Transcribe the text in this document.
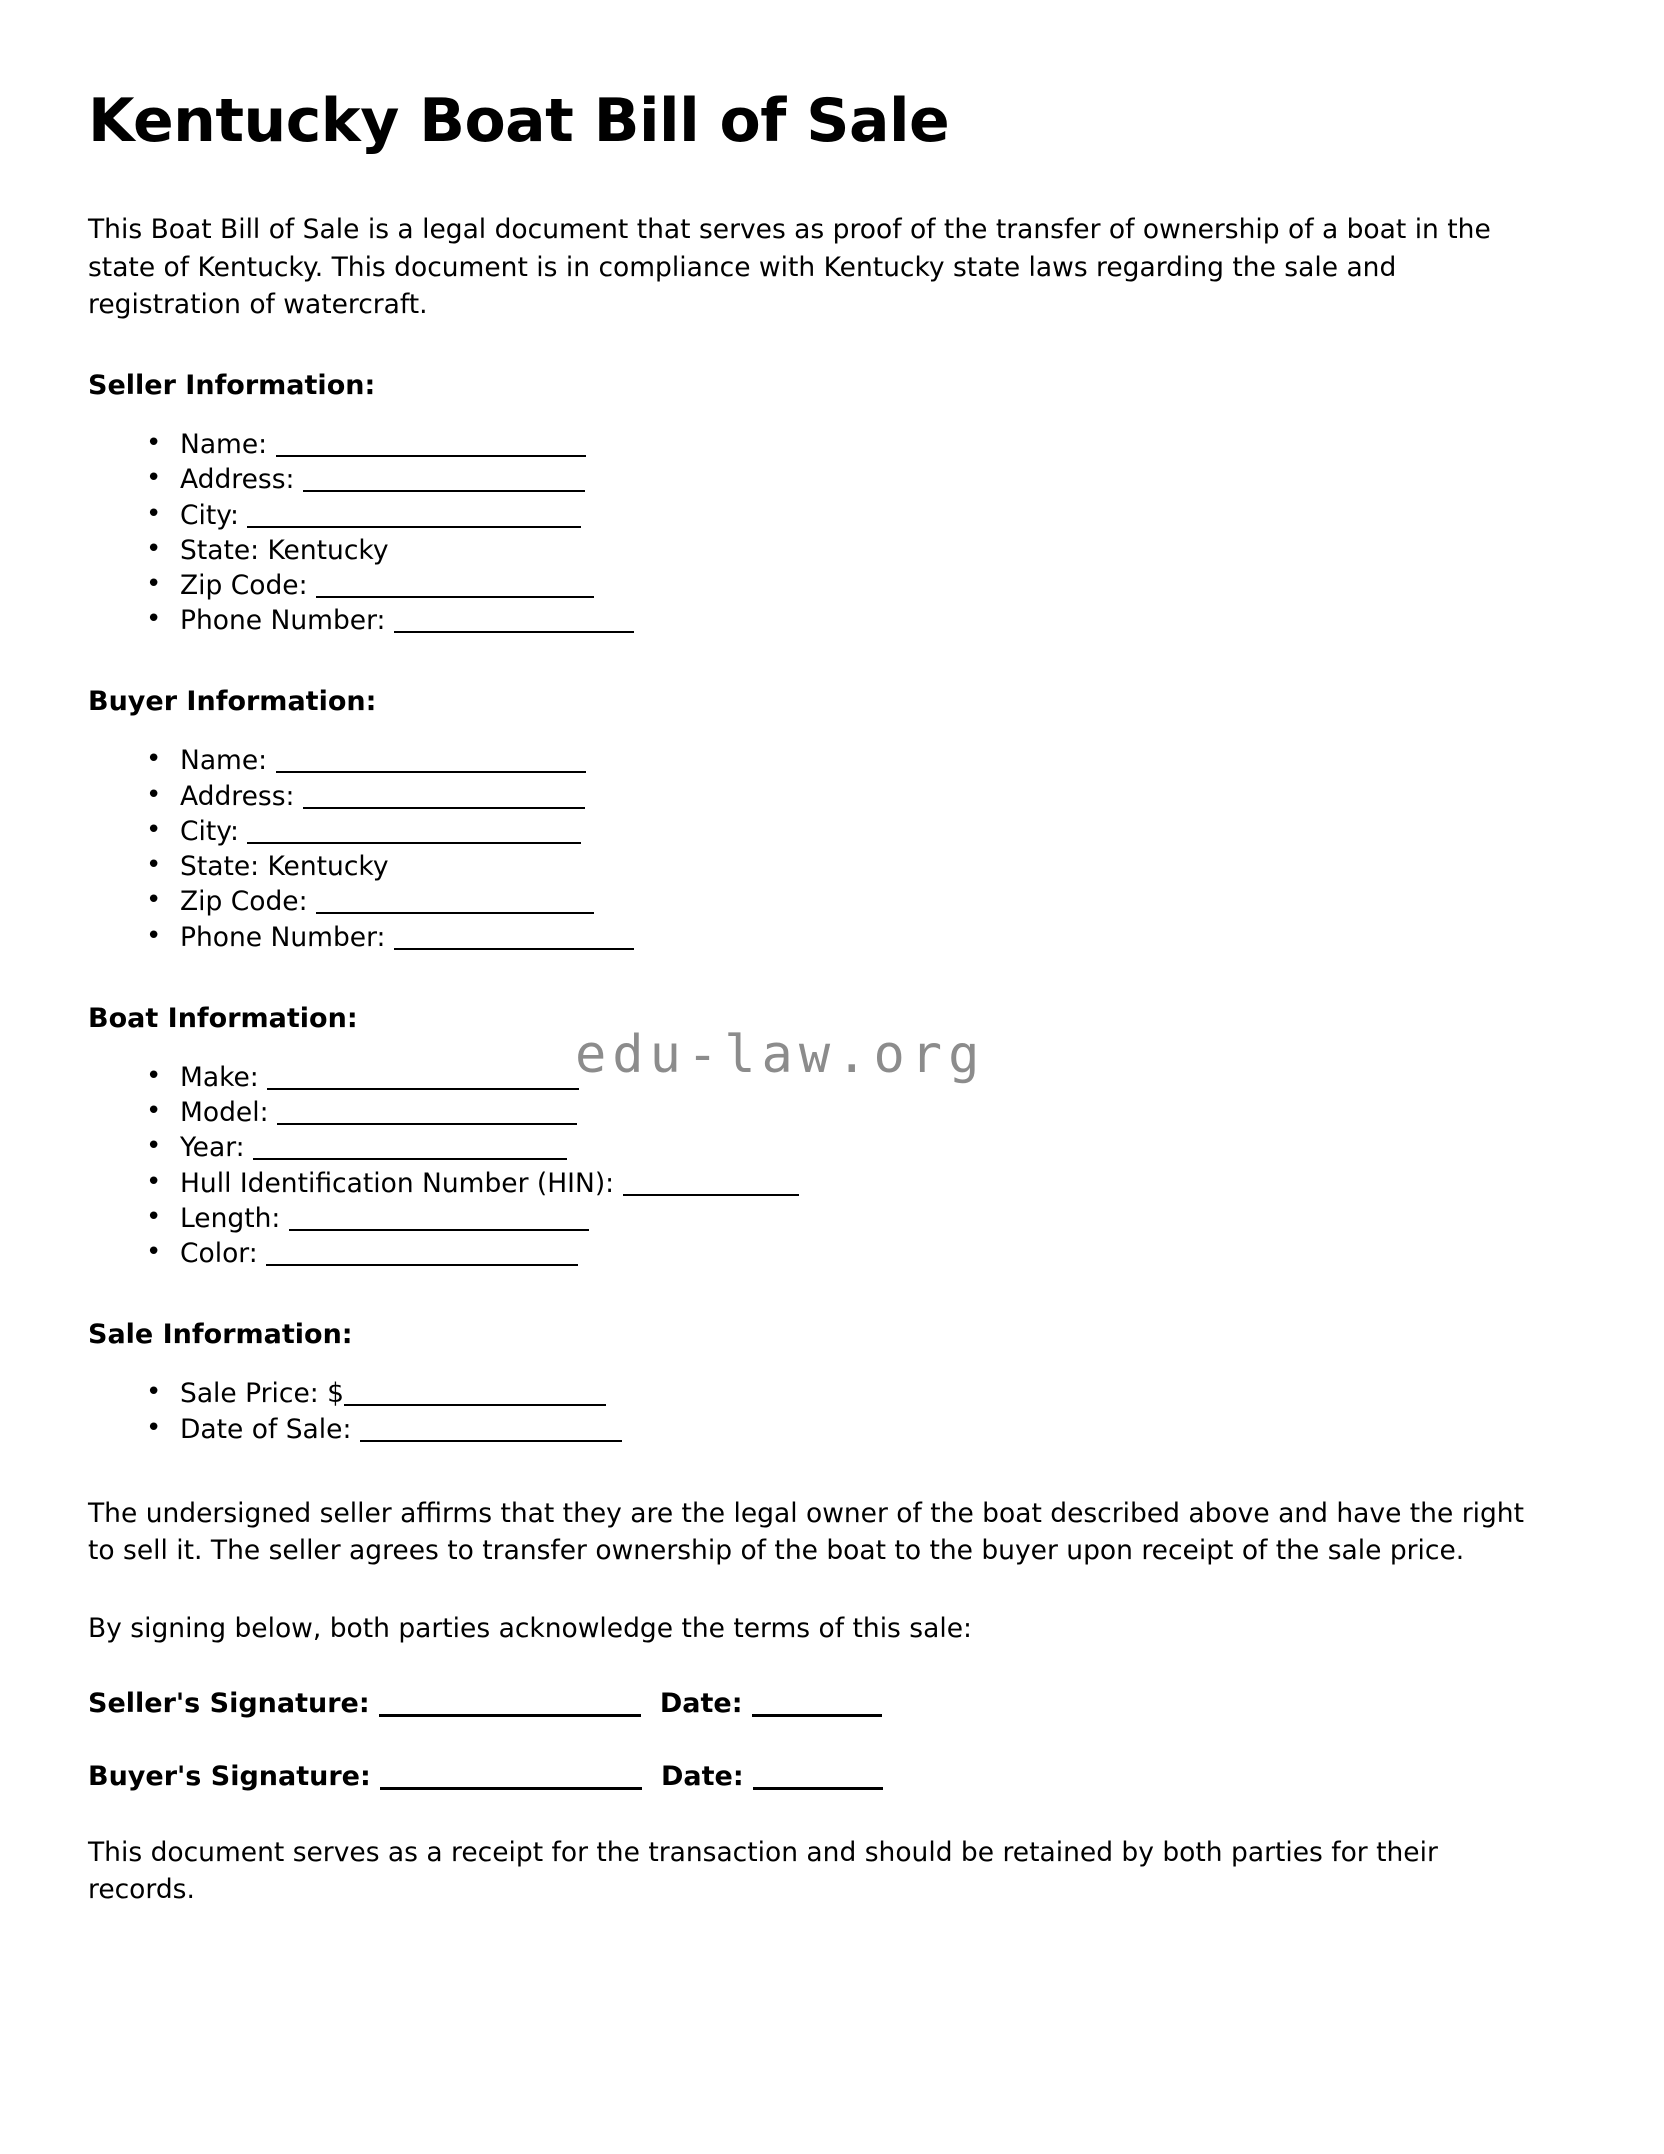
edu-law.org
Kentucky Boat Bill of Sale

This Boat Bill of Sale is a legal document that serves as proof of the transfer of ownership of a boat in the state of Kentucky. This document is in compliance with Kentucky state laws regarding the sale and registration of watercraft.

Seller Information:
• Name:
• Address:
• City:
• State: Kentucky
• Zip Code:
• Phone Number:
Buyer Information:
• Name:
• Address:
• City:
• State: Kentucky
• Zip Code:
• Phone Number:
Boat Information:
• Make:
• Model:
• Year:
• Hull Identification Number (HIN):
• Length:
• Color:
Sale Information:
• Sale Price: $
• Date of Sale:

The undersigned seller affirms that they are the legal owner of the boat described above and have the right to sell it. The seller agrees to transfer ownership of the boat to the buyer upon receipt of the sale price.

By signing below, both parties acknowledge the terms of this sale:

Seller's Signature:	Date:

Buyer's Signature:	Date:

This document serves as a receipt for the transaction and should be retained by both parties for their records.
